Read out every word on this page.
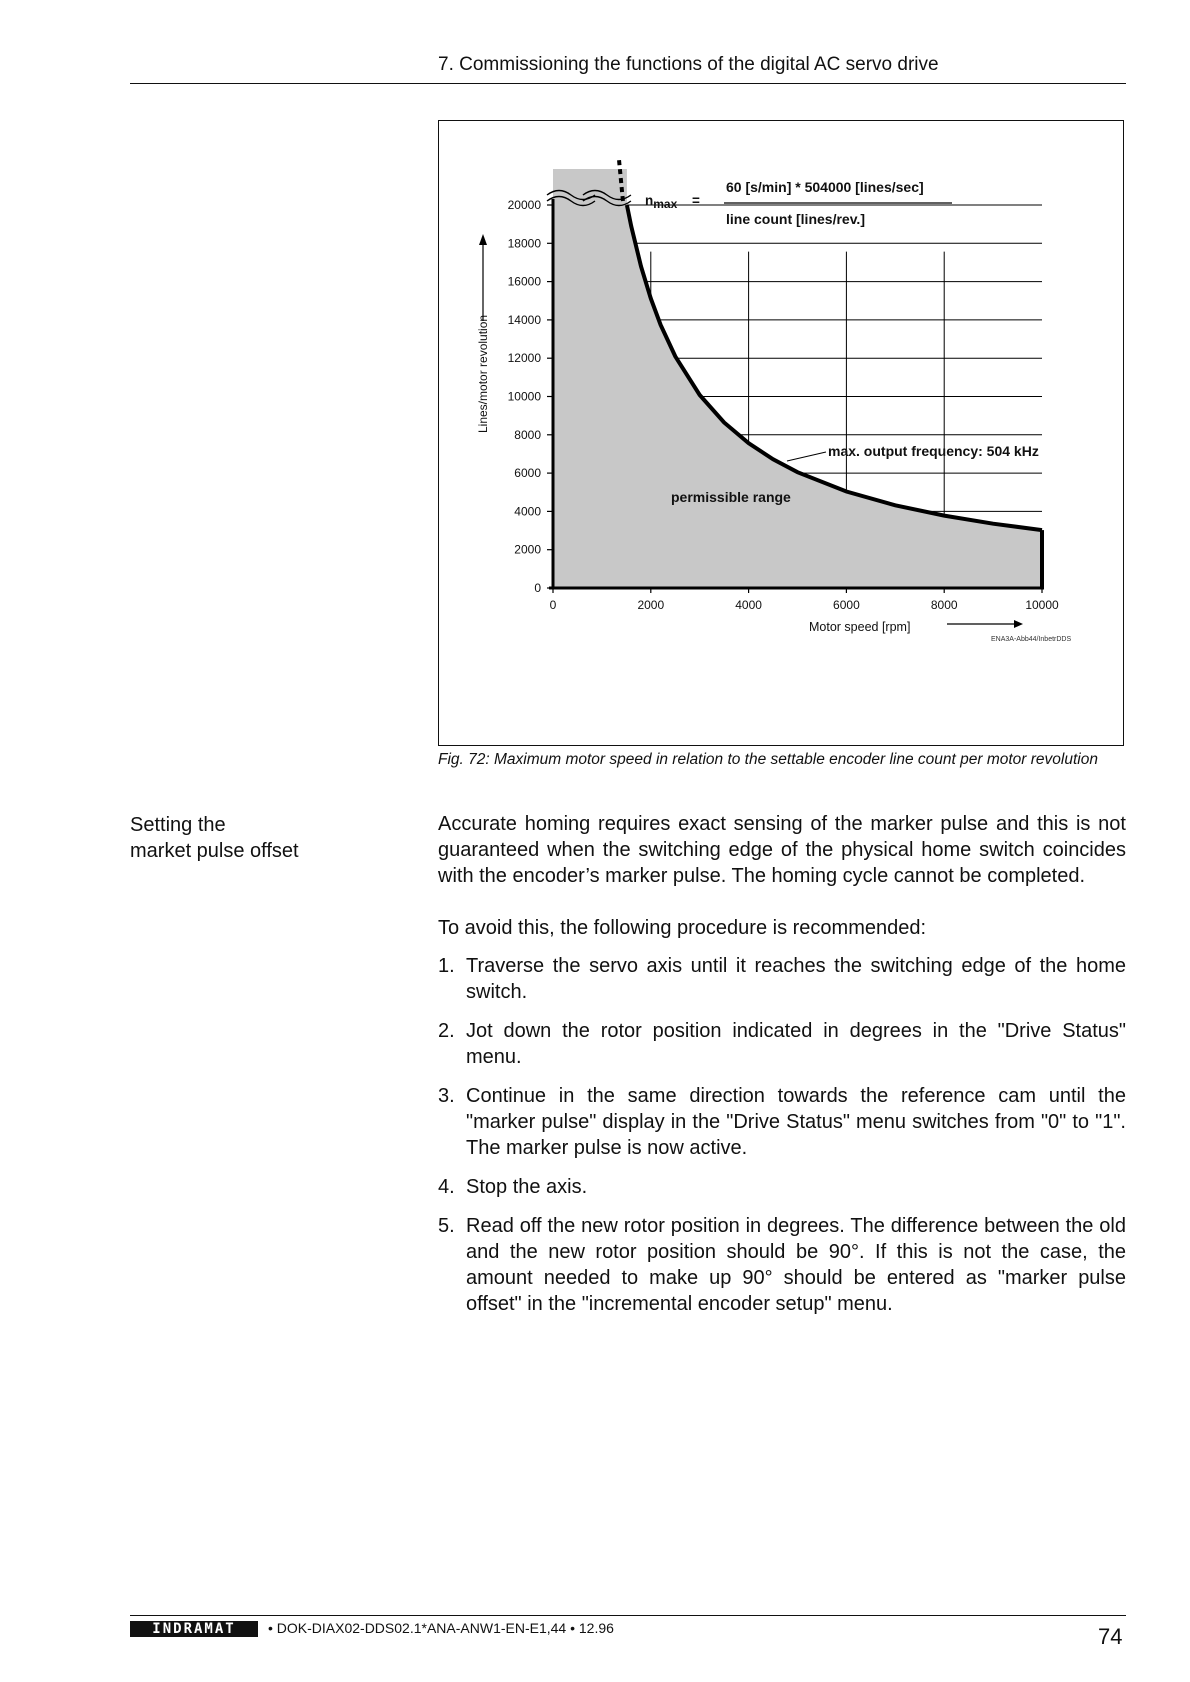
7. Commissioning the functions of the digital AC servo drive
0	2000	4000	6000	8000	10000
0
2000
4000
6000
8000
10000
12000
14000
16000
18000
20000
Motor speed [rpm]
Lines/motor revolution
nmax =
60 [s/min] * 504000 [lines/sec]
line count [lines/rev.]
max. output frequency: 504 kHz
permissible range
ENA3A-Abb44/InbetrDDS
Fig. 72: Maximum motor speed in relation to the settable encoder line count per motor revolution
Setting the
market pulse offset

Accurate homing requires exact sensing of the marker pulse and this is not guaranteed when the switching edge of the physical home switch coincides with the encoder’s marker pulse. The homing cycle cannot be completed.

To avoid this, the following procedure is recommended:

1. Traverse the servo axis until it reaches the switching edge of the home switch.
2. Jot down the rotor position indicated in degrees in the "Drive Status" menu.
3. Continue in the same direction towards the reference cam until the "marker pulse" display in the "Drive Status" menu switches from "0" to "1". The marker pulse is now active.
4. Stop the axis.
5. Read off the new rotor position in degrees. The difference between the old and the new rotor position should be 90°. If this is not the case, the amount needed to make up 90° should be entered as "marker pulse offset" in the "incremental encoder setup" menu.
INDRAMAT	• DOK-DIAX02-DDS02.1*ANA-ANW1-EN-E1,44 • 12.96	74
